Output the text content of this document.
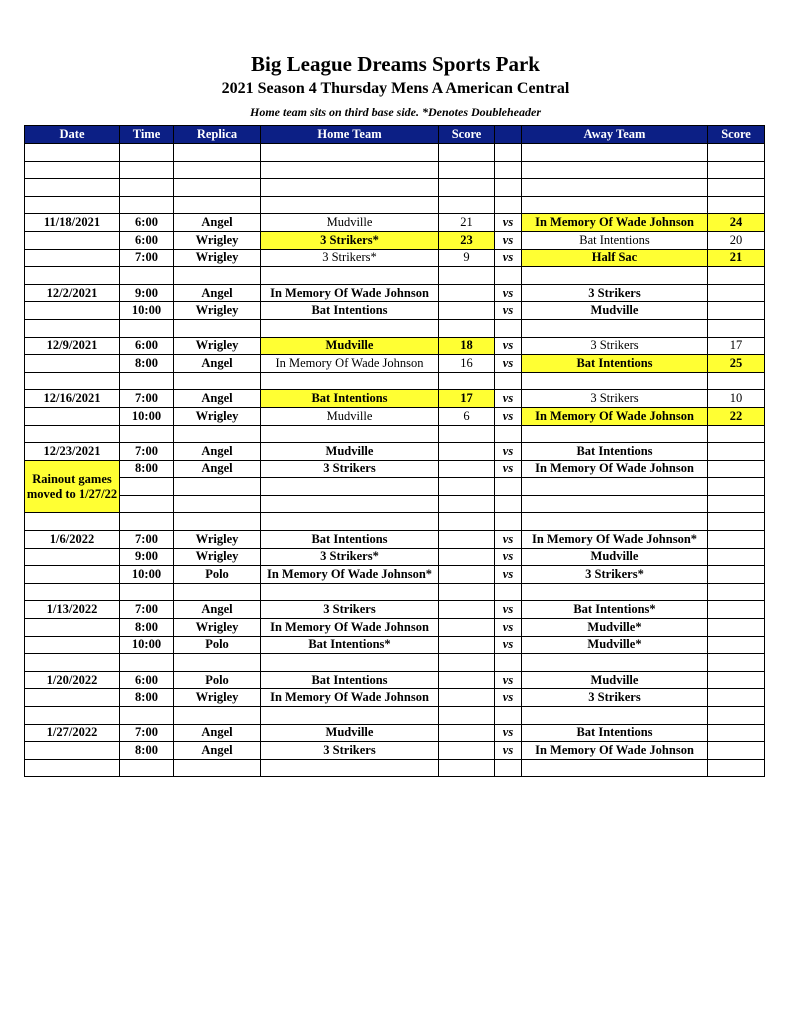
Big League Dreams Sports Park
2021 Season 4 Thursday Mens A American Central
Home team sits on third base side. *Denotes Doubleheader
Date	Time	Replica	Home Team	Score		Away Team	Score

11/18/2021	6:00	Angel	Mudville	21	vs	In Memory Of Wade Johnson	24
	6:00	Wrigley	3 Strikers*	23	vs	Bat Intentions	20
	7:00	Wrigley	3 Strikers*	9	vs	Half Sac	21

12/2/2021	9:00	Angel	In Memory Of Wade Johnson		vs	3 Strikers	
	10:00	Wrigley	Bat Intentions		vs	Mudville	

12/9/2021	6:00	Wrigley	Mudville	18	vs	3 Strikers	17
	8:00	Angel	In Memory Of Wade Johnson	16	vs	Bat Intentions	25

12/16/2021	7:00	Angel	Bat Intentions	17	vs	3 Strikers	10
	10:00	Wrigley	Mudville	6	vs	In Memory Of Wade Johnson	22

12/23/2021	7:00	Angel	Mudville		vs	Bat Intentions	
Rainout games moved to 1/27/22	8:00	Angel	3 Strikers		vs	In Memory Of Wade Johnson	

1/6/2022	7:00	Wrigley	Bat Intentions		vs	In Memory Of Wade Johnson*	
	9:00	Wrigley	3 Strikers*		vs	Mudville	
	10:00	Polo	In Memory Of Wade Johnson*		vs	3 Strikers*	

1/13/2022	7:00	Angel	3 Strikers		vs	Bat Intentions*	
	8:00	Wrigley	In Memory Of Wade Johnson		vs	Mudville*	
	10:00	Polo	Bat Intentions*		vs	Mudville*	

1/20/2022	6:00	Polo	Bat Intentions		vs	Mudville	
	8:00	Wrigley	In Memory Of Wade Johnson		vs	3 Strikers	

1/27/2022	7:00	Angel	Mudville		vs	Bat Intentions	
	8:00	Angel	3 Strikers		vs	In Memory Of Wade Johnson	
